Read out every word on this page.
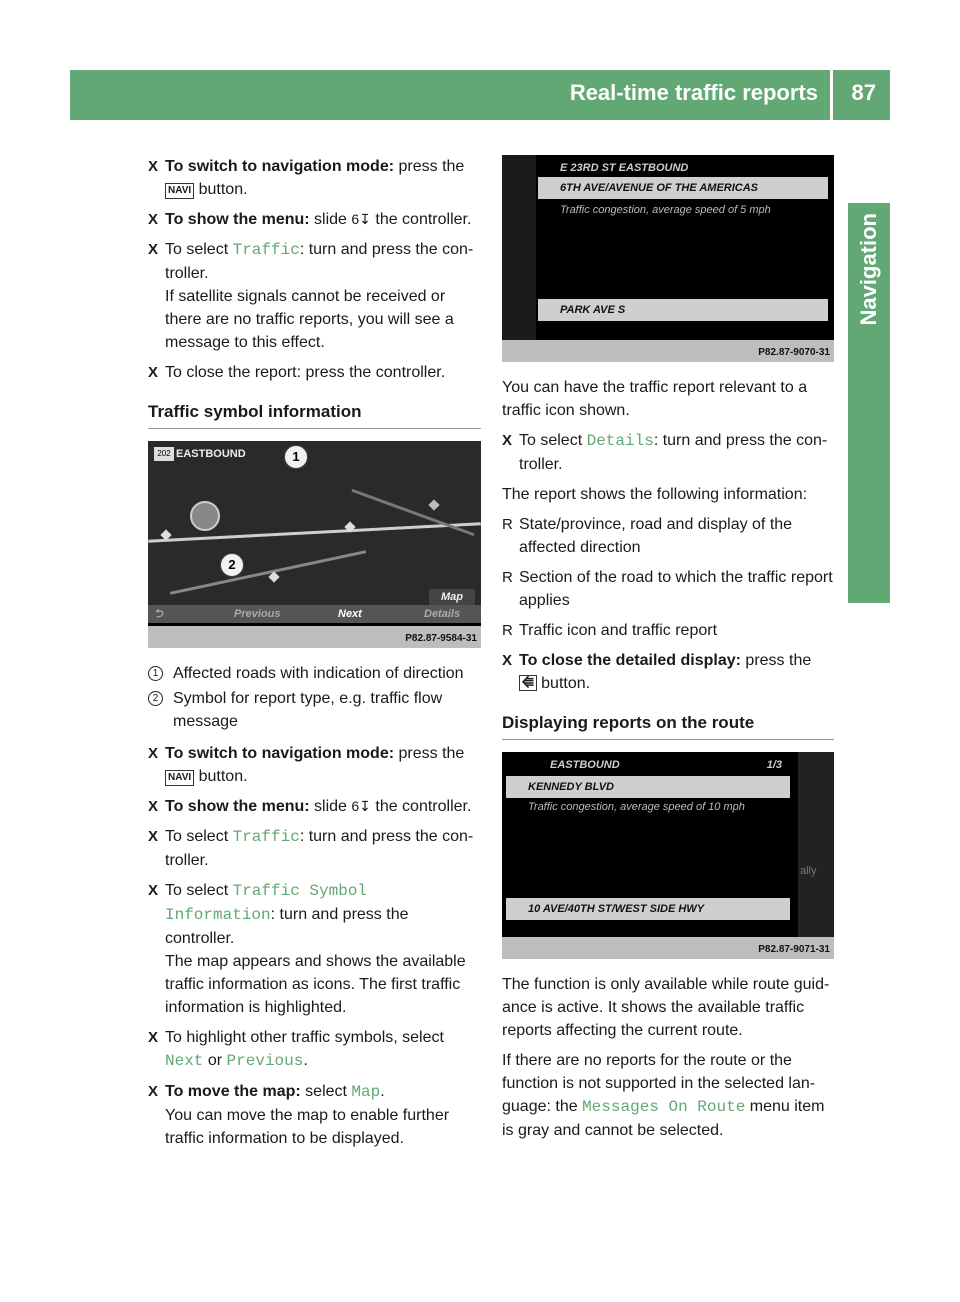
Real-time traffic reports 87
Navigation
X To switch to navigation mode: press the NAVI button.
X To show the menu: slide 6↧ the controller.
X To select Traffic: turn and press the controller.
If satellite signals cannot be received or there are no traffic reports, you will see a message to this effect.
X To close the report: press the controller.
Traffic symbol information
202 EASTBOUND	1
2
Map
⮌	Previous	Next	Details
P82.87-9584-31
1 Affected roads with indication of direction
2 Symbol for report type, e.g. traffic flow message
X To switch to navigation mode: press the NAVI button.
X To show the menu: slide 6↧ the controller.
X To select Traffic: turn and press the controller.
X To select Traffic Symbol Information: turn and press the controller.
The map appears and shows the available traffic information as icons. The first traffic information is highlighted.
X To highlight other traffic symbols, select Next or Previous.
X To move the map: select Map.
You can move the map to enable further traffic information to be displayed.
E 23RD ST EASTBOUND
6TH AVE/AVENUE OF THE AMERICAS
Traffic congestion, average speed of 5 mph
PARK AVE S
P82.87-9070-31

You can have the traffic report relevant to a traffic icon shown.

X To select Details: turn and press the controller.

The report shows the following information:

R State/province, road and display of the affected direction
R Section of the road to which the traffic report applies
R Traffic icon and traffic report
X To close the detailed display: press the
⭅ button.
Displaying reports on the route
EASTBOUND	1/3
KENNEDY BLVD
Traffic congestion, average speed of 10 mph
10 AVE/40TH ST/WEST SIDE HWY
ally
P82.87-9071-31

The function is only available while route guidance is active. It shows the available traffic reports affecting the current route.

If there are no reports for the route or the function is not supported in the selected language: the Messages On Route menu item is gray and cannot be selected.
